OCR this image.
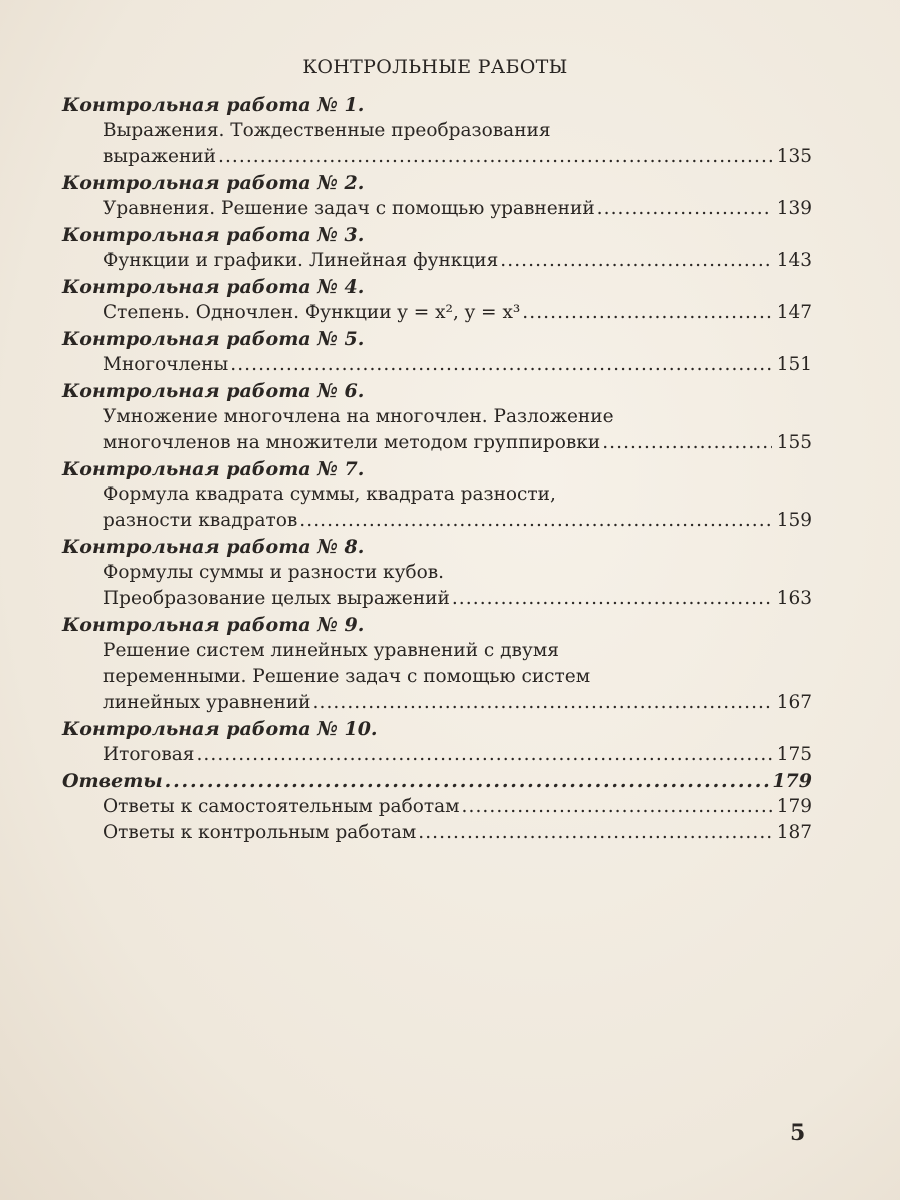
КОНТРОЛЬНЫЕ РАБОТЫ
Контрольная работа № 1.
Выражения. Тождественные преобразования
выражений . . .	135
Контрольная работа № 2.
Уравнения. Решение задач с помощью уравнений . . .	139
Контрольная работа № 3.
Функции и графики. Линейная функция . . .	143
Контрольная работа № 4.
Степень. Одночлен. Функции y = x², y = x³ . . .	147
Контрольная работа № 5.
Многочлены . . .	151
Контрольная работа № 6.
Умножение многочлена на многочлен. Разложение
многочленов на множители методом группировки . . .	155
Контрольная работа № 7.
Формула квадрата суммы, квадрата разности,
разности квадратов . . .	159
Контрольная работа № 8.
Формулы суммы и разности кубов.
Преобразование целых выражений . . .	163
Контрольная работа № 9.
Решение систем линейных уравнений с двумя
переменными. Решение задач с помощью систем
линейных уравнений . . .	167
Контрольная работа № 10.
Итоговая . . .	175
Ответы . . .	179
Ответы к самостоятельным работам . . .	179
Ответы к контрольным работам . . .	187
5
